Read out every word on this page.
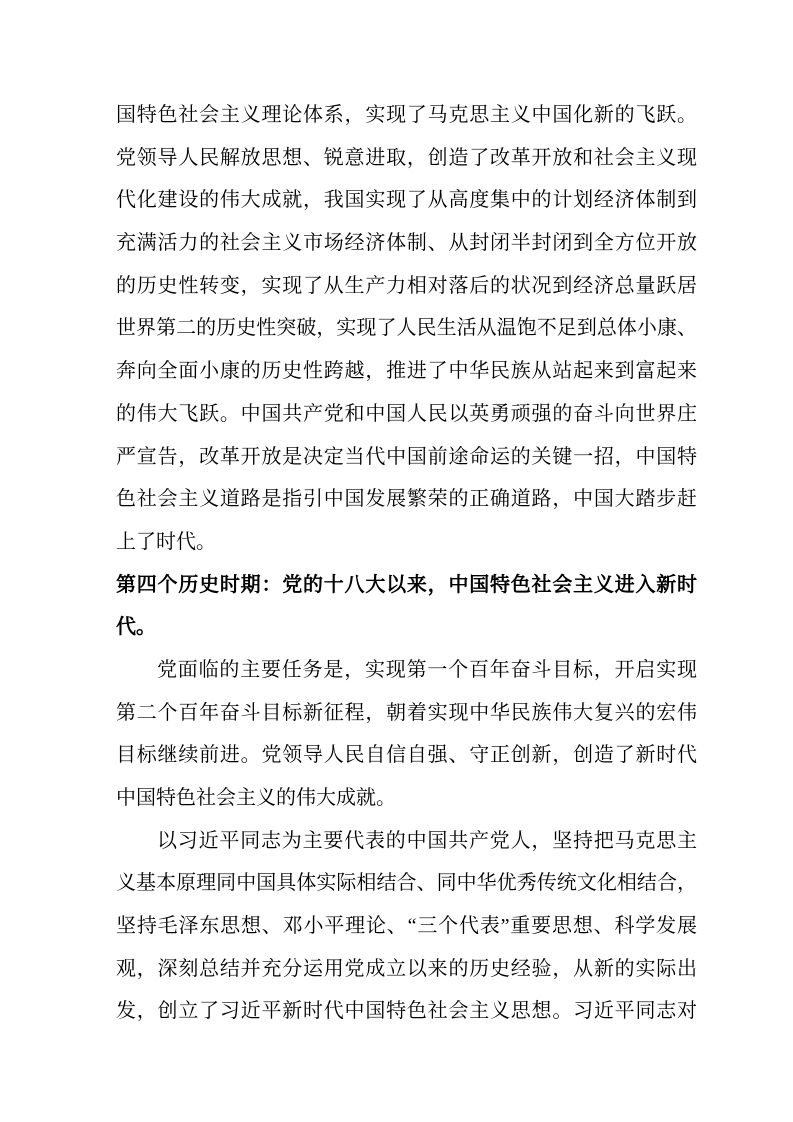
国特色社会主义理论体系，实现了马克思主义中国化新的飞跃。
党领导人民解放思想、锐意进取，创造了改革开放和社会主义现
代化建设的伟大成就，我国实现了从高度集中的计划经济体制到
充满活力的社会主义市场经济体制、从封闭半封闭到全方位开放
的历史性转变，实现了从生产力相对落后的状况到经济总量跃居
世界第二的历史性突破，实现了人民生活从温饱不足到总体小康、
奔向全面小康的历史性跨越，推进了中华民族从站起来到富起来
的伟大飞跃。中国共产党和中国人民以英勇顽强的奋斗向世界庄
严宣告，改革开放是决定当代中国前途命运的关键一招，中国特
色社会主义道路是指引中国发展繁荣的正确道路，中国大踏步赶
上了时代。
第四个历史时期：党的十八大以来，中国特色社会主义进入新时
代。
党面临的主要任务是，实现第一个百年奋斗目标，开启实现
第二个百年奋斗目标新征程，朝着实现中华民族伟大复兴的宏伟
目标继续前进。党领导人民自信自强、守正创新，创造了新时代
中国特色社会主义的伟大成就。
以习近平同志为主要代表的中国共产党人，坚持把马克思主
义基本原理同中国具体实际相结合、同中华优秀传统文化相结合，
坚持毛泽东思想、邓小平理论、“三个代表”重要思想、科学发展
观，深刻总结并充分运用党成立以来的历史经验，从新的实际出
发，创立了习近平新时代中国特色社会主义思想。习近平同志对
